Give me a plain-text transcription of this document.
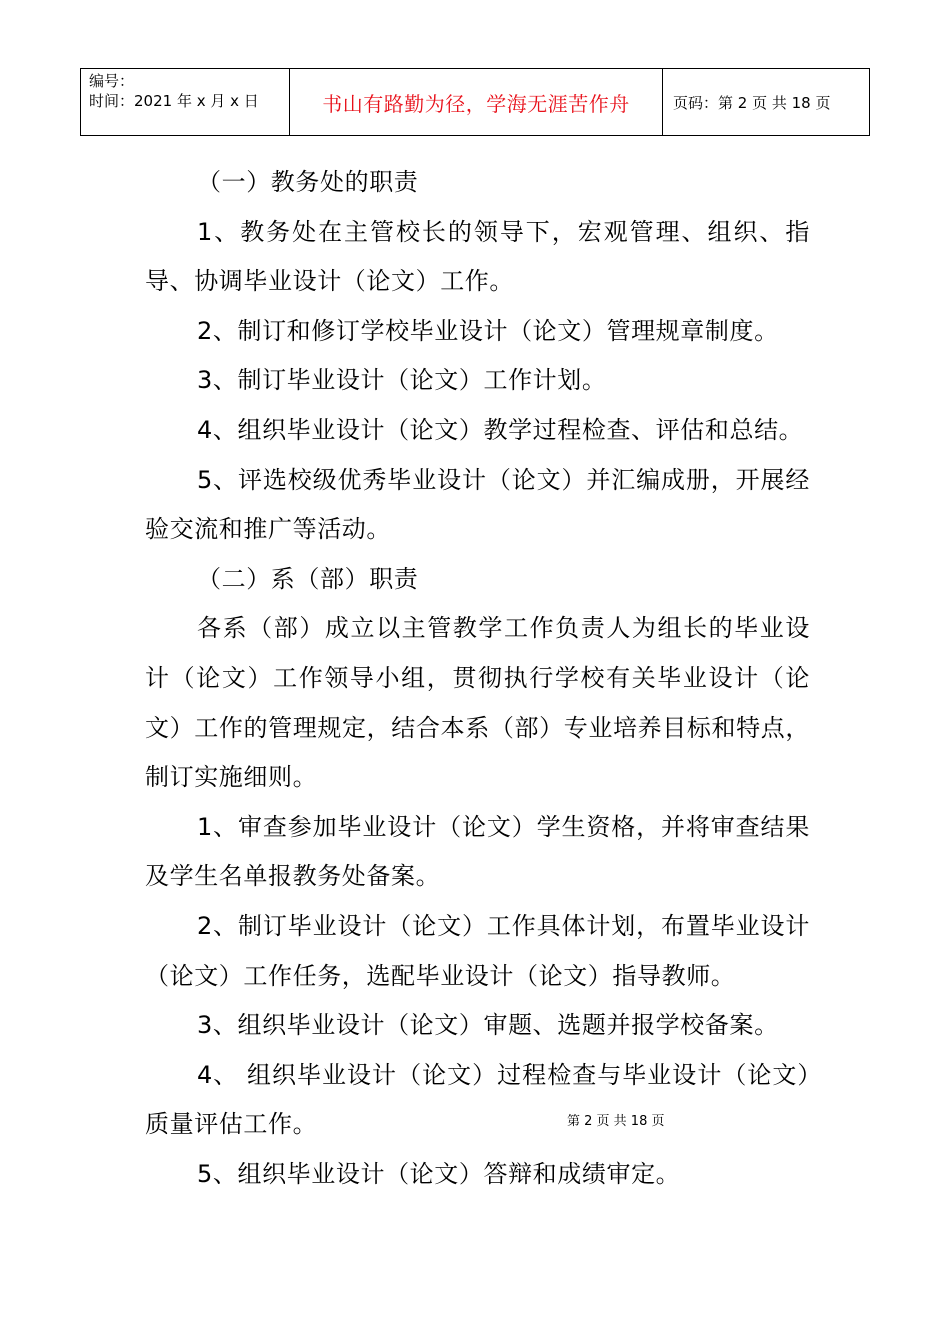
编号：
时间：2021 年 x 月 x 日	书山有路勤为径，学海无涯苦作舟	页码：第 2 页 共 18 页

（一）教务处的职责

1、教务处在主管校长的领导下，宏观管理、组织、指导、协调毕业设计（论文）工作。

2、制订和修订学校毕业设计（论文）管理规章制度。

3、制订毕业设计（论文）工作计划。

4、组织毕业设计（论文）教学过程检查、评估和总结。

5、评选校级优秀毕业设计（论文）并汇编成册，开展经验交流和推广等活动。

（二）系（部）职责

各系（部）成立以主管教学工作负责人为组长的毕业设计（论文）工作领导小组，贯彻执行学校有关毕业设计（论文）工作的管理规定，结合本系（部）专业培养目标和特点，制订实施细则。

1、审查参加毕业设计（论文）学生资格，并将审查结果及学生名单报教务处备案。

2、制订毕业设计（论文）工作具体计划，布置毕业设计（论文）工作任务，选配毕业设计（论文）指导教师。

3、组织毕业设计（论文）审题、选题并报学校备案。

4、 组织毕业设计（论文）过程检查与毕业设计（论文）质量评估工作。

5、组织毕业设计（论文）答辩和成绩审定。

第 2 页 共 18 页
